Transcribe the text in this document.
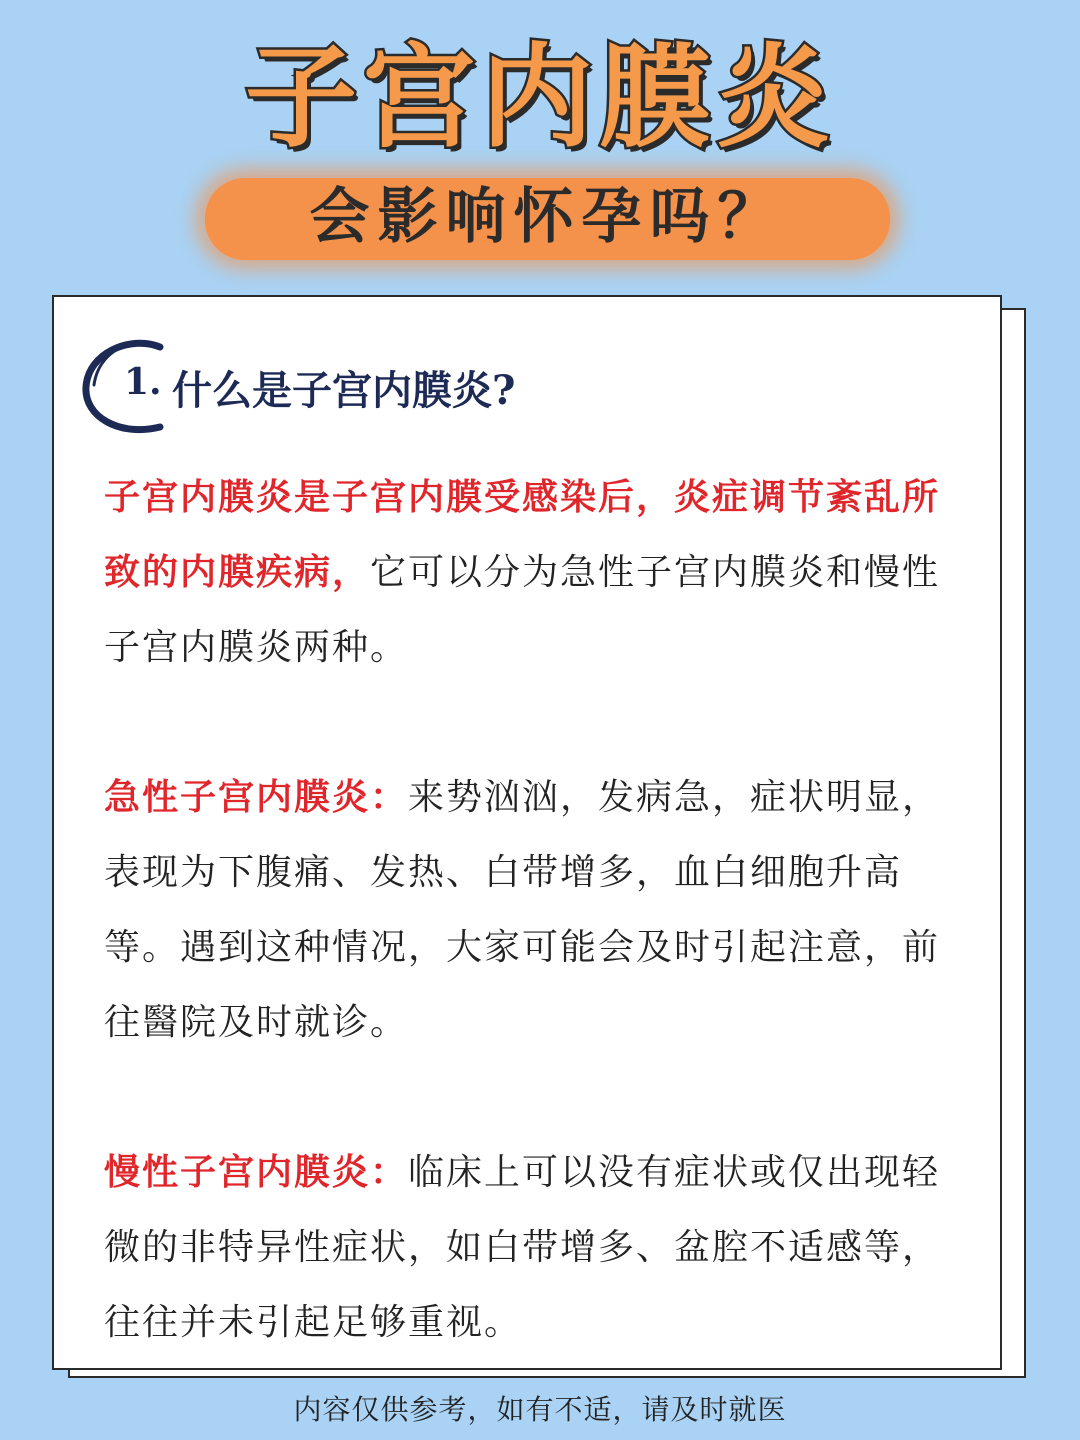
子宫内膜炎
会影响怀孕吗？
1. 什么是子宫内膜炎?
子宫内膜炎是子宫内膜受感染后，炎症调节紊乱所致的内膜疾病，它可以分为急性子宫内膜炎和慢性子宫内膜炎两种。
急性子宫内膜炎：来势汹汹，发病急，症状明显，表现为下腹痛、发热、白带增多，血白细胞升高等。遇到这种情况，大家可能会及时引起注意，前往醫院及时就诊。
慢性子宫内膜炎：临床上可以没有症状或仅出现轻微的非特异性症状，如白带增多、盆腔不适感等，往往并未引起足够重视。
内容仅供参考，如有不适，请及时就医
